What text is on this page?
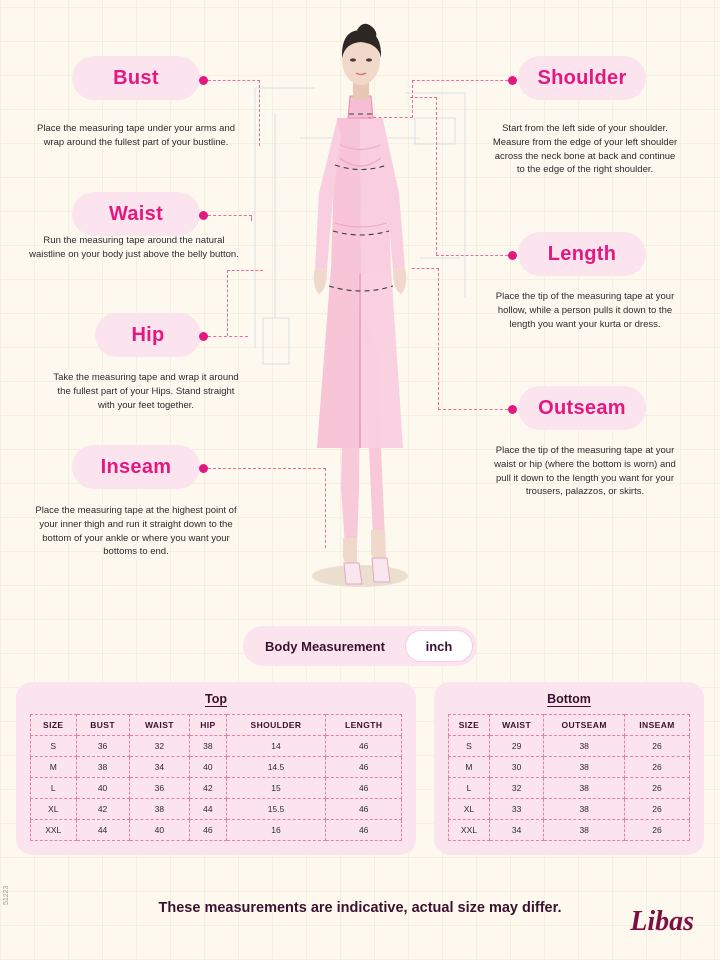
Bust
Place the measuring tape under your arms and wrap around the fullest part of your bustline.
Waist
Run the measuring tape around the natural waistline on your body just above the belly button.
Hip
Take the measuring tape and wrap it around the fullest part of your Hips. Stand straight with your feet together.
Inseam
Place the measuring tape at the highest point of your inner thigh and run it straight down to the bottom of your ankle or where you want your bottoms to end.
Shoulder
Start from the left side of your shoulder. Measure from the edge of your left shoulder across the neck bone at back and continue to the edge of the right shoulder.
Length
Place the tip of the measuring tape at your hollow, while a person pulls it down to the length you want your kurta or dress.
Outseam
Place the tip of the measuring tape at your waist or hip (where the bottom is worn) and pull it down to the length you want for your trousers, palazzos, or skirts.
Body Measurement	inch
Top
SIZE	BUST	WAIST	HIP	SHOULDER	LENGTH
S	36	32	38	14	46
M	38	34	40	14.5	46
L	40	36	42	15	46
XL	42	38	44	15.5	46
XXL	44	40	46	16	46
Bottom
SIZE	WAIST	OUTSEAM	INSEAM
S	29	38	26
M	30	38	26
L	32	38	26
XL	33	38	26
XXL	34	38	26
These measurements are indicative, actual size may differ.	Libas
51223
